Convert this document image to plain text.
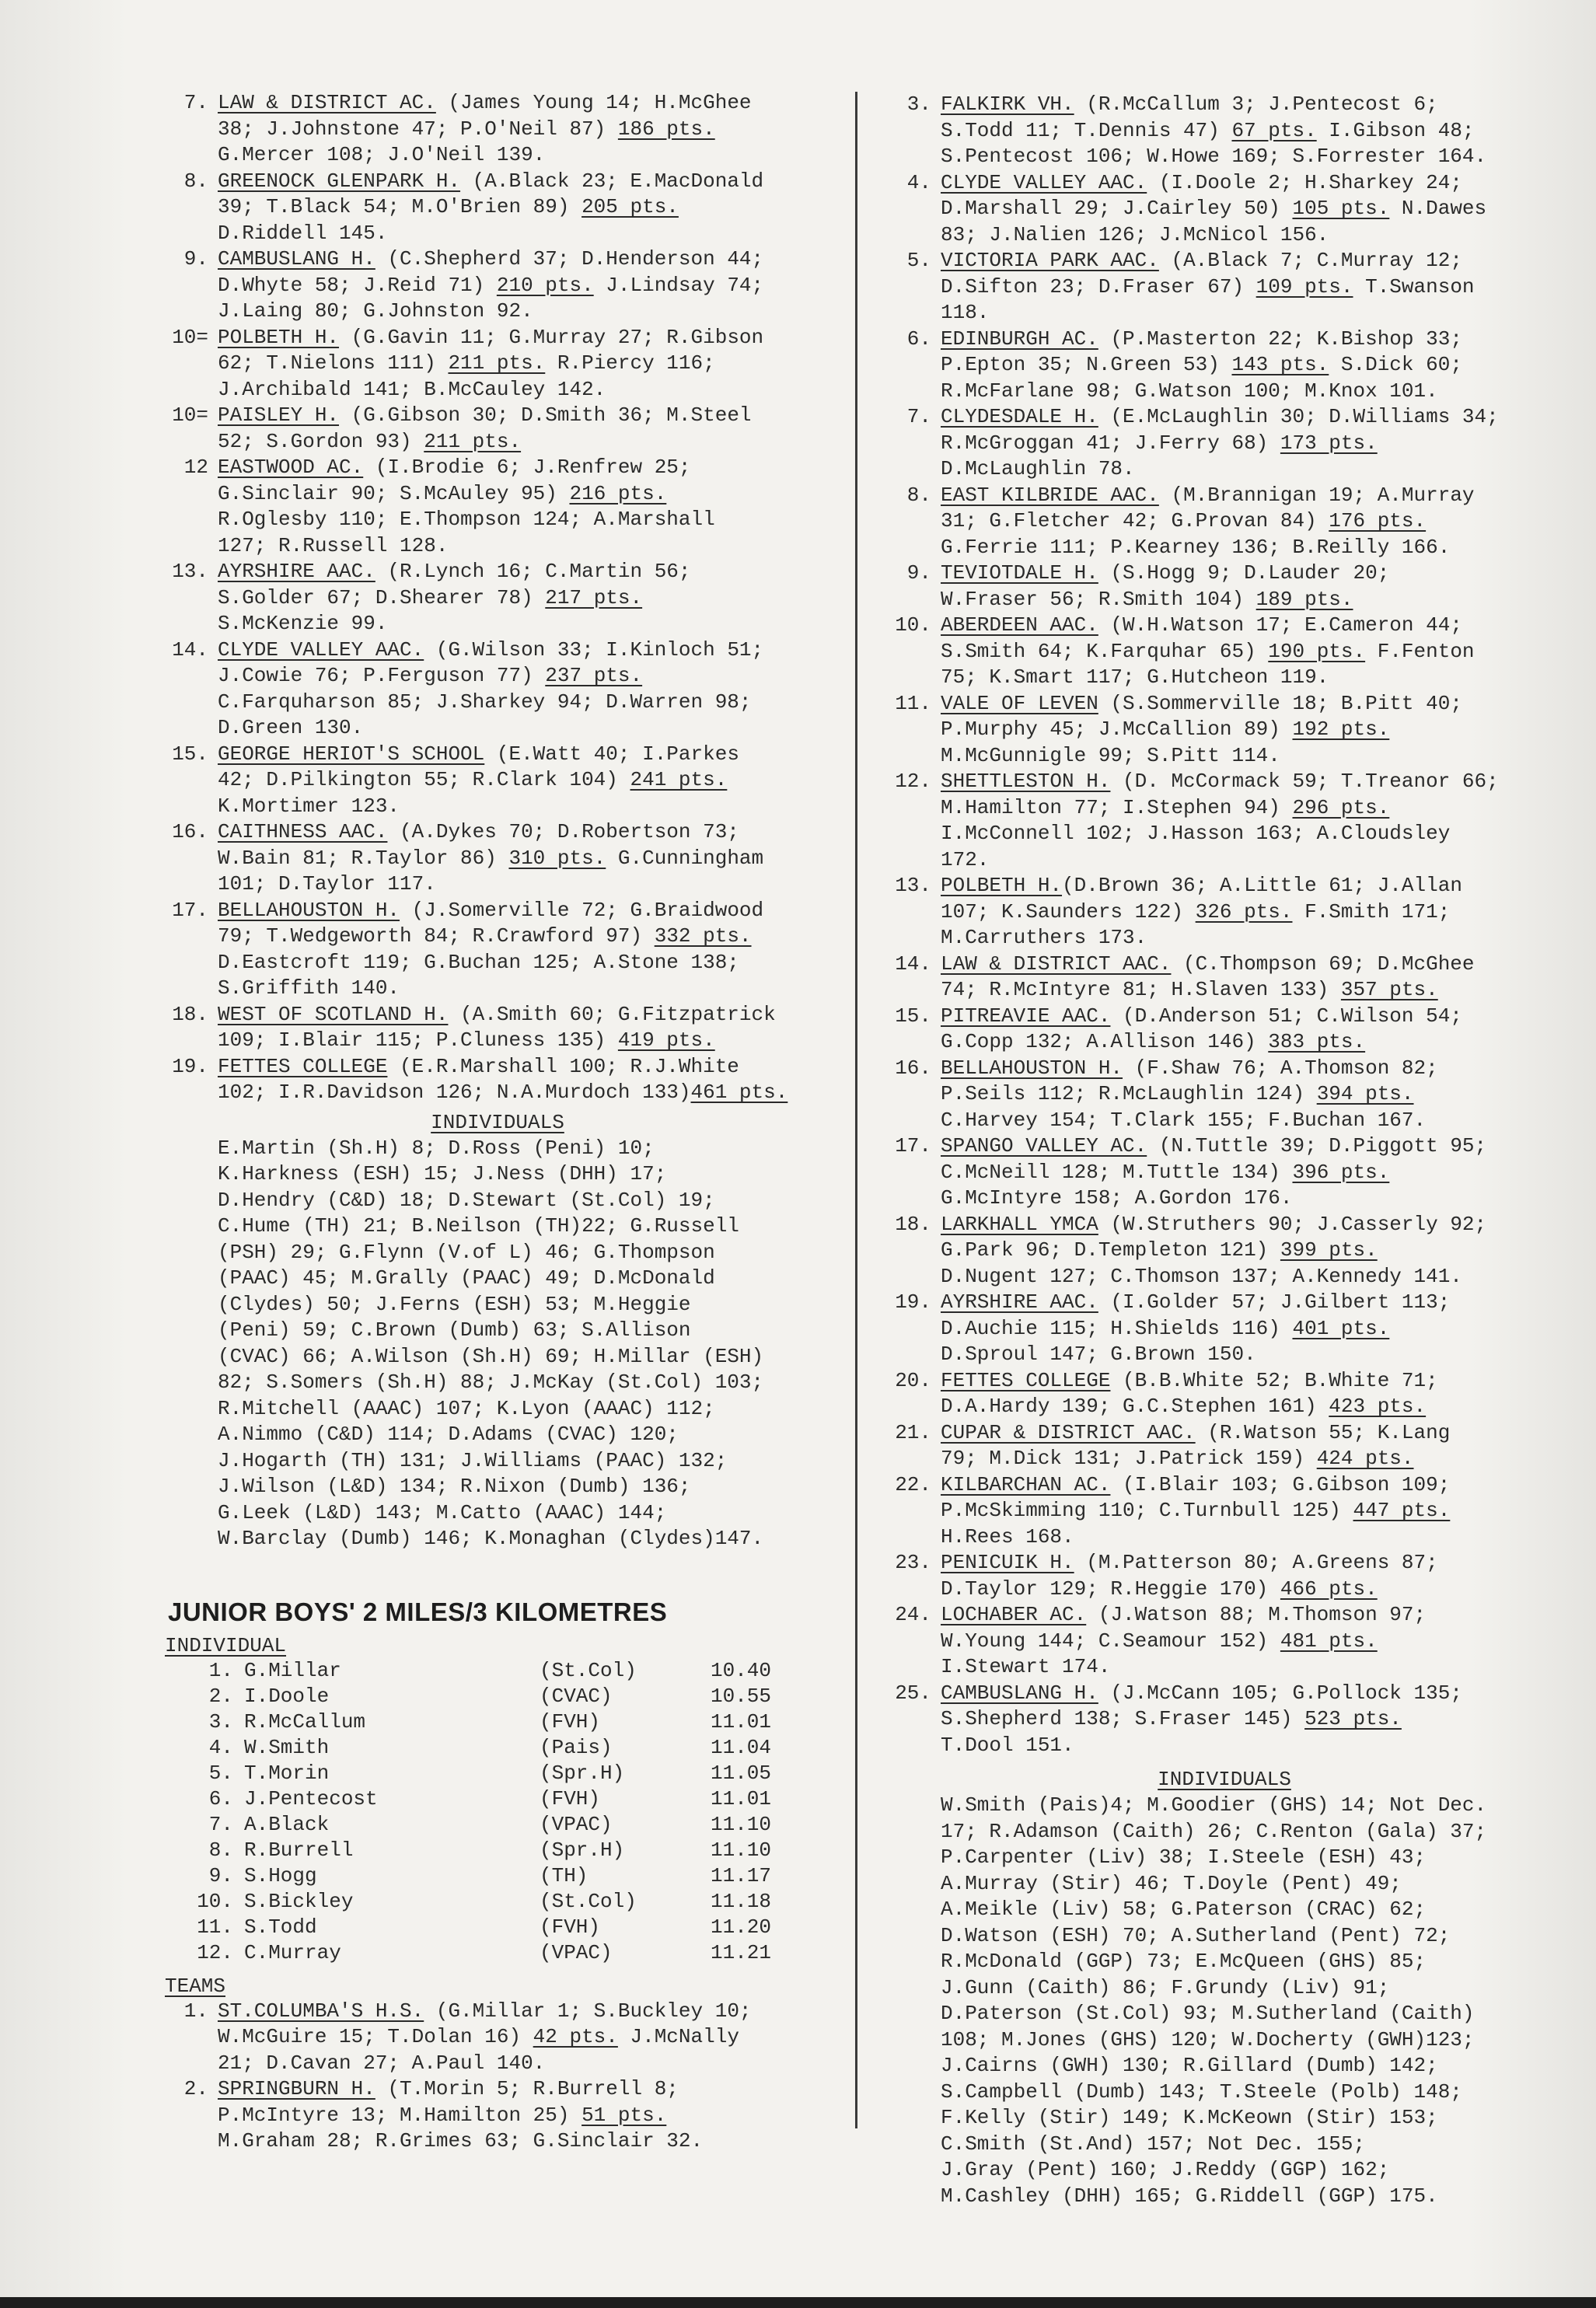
7. LAW & DISTRICT AC. (James Young 14; H.McGhee
38; J.Johnstone 47; P.O'Neil 87) 186 pts.
G.Mercer 108; J.O'Neil 139.
8. GREENOCK GLENPARK H. (A.Black 23; E.MacDonald
39; T.Black 54; M.O'Brien 89) 205 pts.
D.Riddell 145.
9. CAMBUSLANG H. (C.Shepherd 37; D.Henderson 44;
D.Whyte 58; J.Reid 71) 210 pts. J.Lindsay 74;
J.Laing 80; G.Johnston 92.
10= POLBETH H. (G.Gavin 11; G.Murray 27; R.Gibson
62; T.Nielons 111) 211 pts. R.Piercy 116;
J.Archibald 141; B.McCauley 142.
10= PAISLEY H. (G.Gibson 30; D.Smith 36; M.Steel
52; S.Gordon 93) 211 pts.
12 EASTWOOD AC. (I.Brodie 6; J.Renfrew 25;
G.Sinclair 90; S.McAuley 95) 216 pts.
R.Oglesby 110; E.Thompson 124; A.Marshall
127; R.Russell 128.
13. AYRSHIRE AAC. (R.Lynch 16; C.Martin 56;
S.Golder 67; D.Shearer 78) 217 pts.
S.McKenzie 99.
14. CLYDE VALLEY AAC. (G.Wilson 33; I.Kinloch 51;
J.Cowie 76; P.Ferguson 77) 237 pts.
C.Farquharson 85; J.Sharkey 94; D.Warren 98;
D.Green 130.
15. GEORGE HERIOT'S SCHOOL (E.Watt 40; I.Parkes
42; D.Pilkington 55; R.Clark 104) 241 pts.
K.Mortimer 123.
16. CAITHNESS AAC. (A.Dykes 70; D.Robertson 73;
W.Bain 81; R.Taylor 86) 310 pts. G.Cunningham
101; D.Taylor 117.
17. BELLAHOUSTON H. (J.Somerville 72; G.Braidwood
79; T.Wedgeworth 84; R.Crawford 97) 332 pts.
D.Eastcroft 119; G.Buchan 125; A.Stone 138;
S.Griffith 140.
18. WEST OF SCOTLAND H. (A.Smith 60; G.Fitzpatrick
109; I.Blair 115; P.Cluness 135) 419 pts.
19. FETTES COLLEGE (E.R.Marshall 100; R.J.White
102; I.R.Davidson 126; N.A.Murdoch 133)461 pts.
INDIVIDUALS
E.Martin (Sh.H) 8; D.Ross (Peni) 10;
K.Harkness (ESH) 15; J.Ness (DHH) 17;
D.Hendry (C&D) 18; D.Stewart (St.Col) 19;
C.Hume (TH) 21; B.Neilson (TH)22; G.Russell
(PSH) 29; G.Flynn (V.of L) 46; G.Thompson
(PAAC) 45; M.Grally (PAAC) 49; D.McDonald
(Clydes) 50; J.Ferns (ESH) 53; M.Heggie
(Peni) 59; C.Brown (Dumb) 63; S.Allison
(CVAC) 66; A.Wilson (Sh.H) 69; H.Millar (ESH)
82; S.Somers (Sh.H) 88; J.McKay (St.Col) 103;
R.Mitchell (AAAC) 107; K.Lyon (AAAC) 112;
A.Nimmo (C&D) 114; D.Adams (CVAC) 120;
J.Hogarth (TH) 131; J.Williams (PAAC) 132;
J.Wilson (L&D) 134; R.Nixon (Dumb) 136;
G.Leek (L&D) 143; M.Catto (AAAC) 144;
W.Barclay (Dumb) 146; K.Monaghan (Clydes)147.
JUNIOR BOYS' 2 MILES/3 KILOMETRES
INDIVIDUAL
1.	G.Millar	(St.Col)	10.40
2.	I.Doole	(CVAC)	10.55
3.	R.McCallum	(FVH)	11.01
4.	W.Smith	(Pais)	11.04
5.	T.Morin	(Spr.H)	11.05
6.	J.Pentecost	(FVH)	11.01
7.	A.Black	(VPAC)	11.10
8.	R.Burrell	(Spr.H)	11.10
9.	S.Hogg	(TH)	11.17
10.	S.Bickley	(St.Col)	11.18
11.	S.Todd	(FVH)	11.20
12.	C.Murray	(VPAC)	11.21
TEAMS
1. ST.COLUMBA'S H.S. (G.Millar 1; S.Buckley 10;
W.McGuire 15; T.Dolan 16) 42 pts. J.McNally
21; D.Cavan 27; A.Paul 140.
2. SPRINGBURN H. (T.Morin 5; R.Burrell 8;
P.McIntyre 13; M.Hamilton 25) 51 pts.
M.Graham 28; R.Grimes 63; G.Sinclair 32.
3. FALKIRK VH. (R.McCallum 3; J.Pentecost 6;
S.Todd 11; T.Dennis 47) 67 pts. I.Gibson 48;
S.Pentecost 106; W.Howe 169; S.Forrester 164.
4. CLYDE VALLEY AAC. (I.Doole 2; H.Sharkey 24;
D.Marshall 29; J.Cairley 50) 105 pts. N.Dawes
83; J.Nalien 126; J.McNicol 156.
5. VICTORIA PARK AAC. (A.Black 7; C.Murray 12;
D.Sifton 23; D.Fraser 67) 109 pts. T.Swanson
118.
6. EDINBURGH AC. (P.Masterton 22; K.Bishop 33;
P.Epton 35; N.Green 53) 143 pts. S.Dick 60;
R.McFarlane 98; G.Watson 100; M.Knox 101.
7. CLYDESDALE H. (E.McLaughlin 30; D.Williams 34;
R.McGroggan 41; J.Ferry 68) 173 pts.
D.McLaughlin 78.
8. EAST KILBRIDE AAC. (M.Brannigan 19; A.Murray
31; G.Fletcher 42; G.Provan 84) 176 pts.
G.Ferrie 111; P.Kearney 136; B.Reilly 166.
9. TEVIOTDALE H. (S.Hogg 9; D.Lauder 20;
W.Fraser 56; R.Smith 104) 189 pts.
10. ABERDEEN AAC. (W.H.Watson 17; E.Cameron 44;
S.Smith 64; K.Farquhar 65) 190 pts. F.Fenton
75; K.Smart 117; G.Hutcheon 119.
11. VALE OF LEVEN (S.Sommerville 18; B.Pitt 40;
P.Murphy 45; J.McCallion 89) 192 pts.
M.McGunnigle 99; S.Pitt 114.
12. SHETTLESTON H. (D. McCormack 59; T.Treanor 66;
M.Hamilton 77; I.Stephen 94) 296 pts.
I.McConnell 102; J.Hasson 163; A.Cloudsley
172.
13. POLBETH H.(D.Brown 36; A.Little 61; J.Allan
107; K.Saunders 122) 326 pts. F.Smith 171;
M.Carruthers 173.
14. LAW & DISTRICT AAC. (C.Thompson 69; D.McGhee
74; R.McIntyre 81; H.Slaven 133) 357 pts.
15. PITREAVIE AAC. (D.Anderson 51; C.Wilson 54;
G.Copp 132; A.Allison 146) 383 pts.
16. BELLAHOUSTON H. (F.Shaw 76; A.Thomson 82;
P.Seils 112; R.McLaughlin 124) 394 pts.
C.Harvey 154; T.Clark 155; F.Buchan 167.
17. SPANGO VALLEY AC. (N.Tuttle 39; D.Piggott 95;
C.McNeill 128; M.Tuttle 134) 396 pts.
G.McIntyre 158; A.Gordon 176.
18. LARKHALL YMCA (W.Struthers 90; J.Casserly 92;
G.Park 96; D.Templeton 121) 399 pts.
D.Nugent 127; C.Thomson 137; A.Kennedy 141.
19. AYRSHIRE AAC. (I.Golder 57; J.Gilbert 113;
D.Auchie 115; H.Shields 116) 401 pts.
D.Sproul 147; G.Brown 150.
20. FETTES COLLEGE (B.B.White 52; B.White 71;
D.A.Hardy 139; G.C.Stephen 161) 423 pts.
21. CUPAR & DISTRICT AAC. (R.Watson 55; K.Lang
79; M.Dick 131; J.Patrick 159) 424 pts.
22. KILBARCHAN AC. (I.Blair 103; G.Gibson 109;
P.McSkimming 110; C.Turnbull 125) 447 pts.
H.Rees 168.
23. PENICUIK H. (M.Patterson 80; A.Greens 87;
D.Taylor 129; R.Heggie 170) 466 pts.
24. LOCHABER AC. (J.Watson 88; M.Thomson 97;
W.Young 144; C.Seamour 152) 481 pts.
I.Stewart 174.
25. CAMBUSLANG H. (J.McCann 105; G.Pollock 135;
S.Shepherd 138; S.Fraser 145) 523 pts.
T.Dool 151.
INDIVIDUALS
W.Smith (Pais)4; M.Goodier (GHS) 14; Not Dec.
17; R.Adamson (Caith) 26; C.Renton (Gala) 37;
P.Carpenter (Liv) 38; I.Steele (ESH) 43;
A.Murray (Stir) 46; T.Doyle (Pent) 49;
A.Meikle (Liv) 58; G.Paterson (CRAC) 62;
D.Watson (ESH) 70; A.Sutherland (Pent) 72;
R.McDonald (GGP) 73; E.McQueen (GHS) 85;
J.Gunn (Caith) 86; F.Grundy (Liv) 91;
D.Paterson (St.Col) 93; M.Sutherland (Caith)
108; M.Jones (GHS) 120; W.Docherty (GWH)123;
J.Cairns (GWH) 130; R.Gillard (Dumb) 142;
S.Campbell (Dumb) 143; T.Steele (Polb) 148;
F.Kelly (Stir) 149; K.McKeown (Stir) 153;
C.Smith (St.And) 157; Not Dec. 155;
J.Gray (Pent) 160; J.Reddy (GGP) 162;
M.Cashley (DHH) 165; G.Riddell (GGP) 175.
